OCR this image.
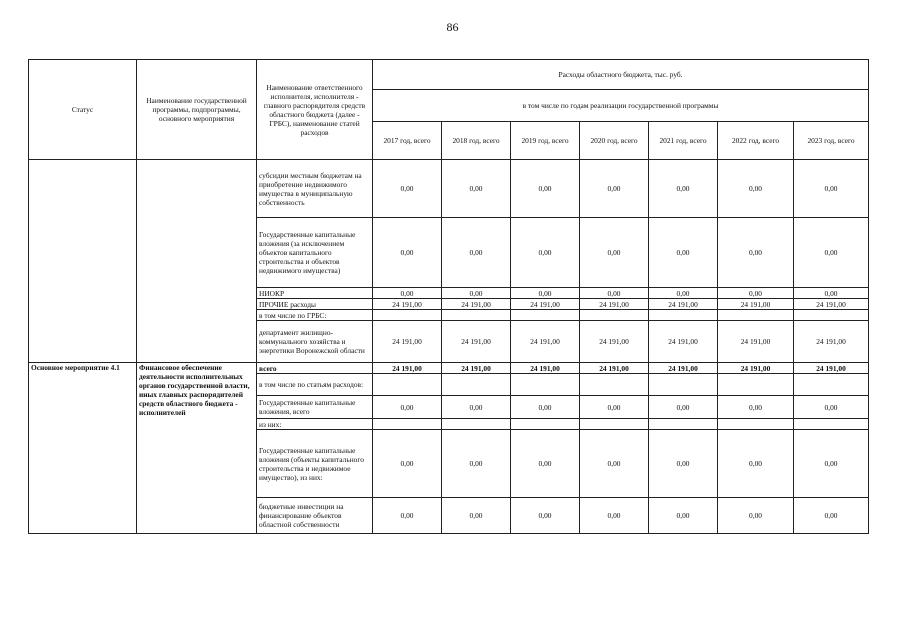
86
Статус	Наименование государственной программы, подпрограммы, основного мероприятия	Наименование ответственного исполнителя, исполнителя - главного распорядителя средств областного бюджета (далее - ГРБС), наименование статей расходов	Расходы областного бюджета, тыс. руб.						
			в том числе по годам реализации государственной программы						
			2017 год, всего	2018 год, всего	2019 год, всего	2020 год, всего	2021 год, всего	2022 год, всего	2023 год, всего
		субсидии местным бюджетам на приобретение недвижимого имущества в муниципальную собственность	0,00	0,00	0,00	0,00	0,00	0,00	0,00
		Государственные капитальные вложения (за исключением объектов капитального строительства и объектов недвижимого имущества)	0,00	0,00	0,00	0,00	0,00	0,00	0,00
		НИОКР	0,00	0,00	0,00	0,00	0,00	0,00	0,00
		ПРОЧИЕ расходы	24 191,00	24 191,00	24 191,00	24 191,00	24 191,00	24 191,00	24 191,00
		в том числе по ГРБС:							
		департамент жилищно-коммунального хозяйства и энергетики Воронежской области	24 191,00	24 191,00	24 191,00	24 191,00	24 191,00	24 191,00	24 191,00
Основное мероприятие 4.1	Финансовое обеспечение деятельности исполнительных органов государственной власти, иных главных распорядителей средств областного бюджета - исполнителей	всего	24 191,00	24 191,00	24 191,00	24 191,00	24 191,00	24 191,00	24 191,00
		в том числе по статьям расходов:							
		Государственные капитальные вложения, всего	0,00	0,00	0,00	0,00	0,00	0,00	0,00
		из них:							
		Государственные капитальные вложения (объекты капитального строительства и недвижимое имущество), из них:	0,00	0,00	0,00	0,00	0,00	0,00	0,00
		бюджетные инвестиции на финансирование объектов областной собственности	0,00	0,00	0,00	0,00	0,00	0,00	0,00
